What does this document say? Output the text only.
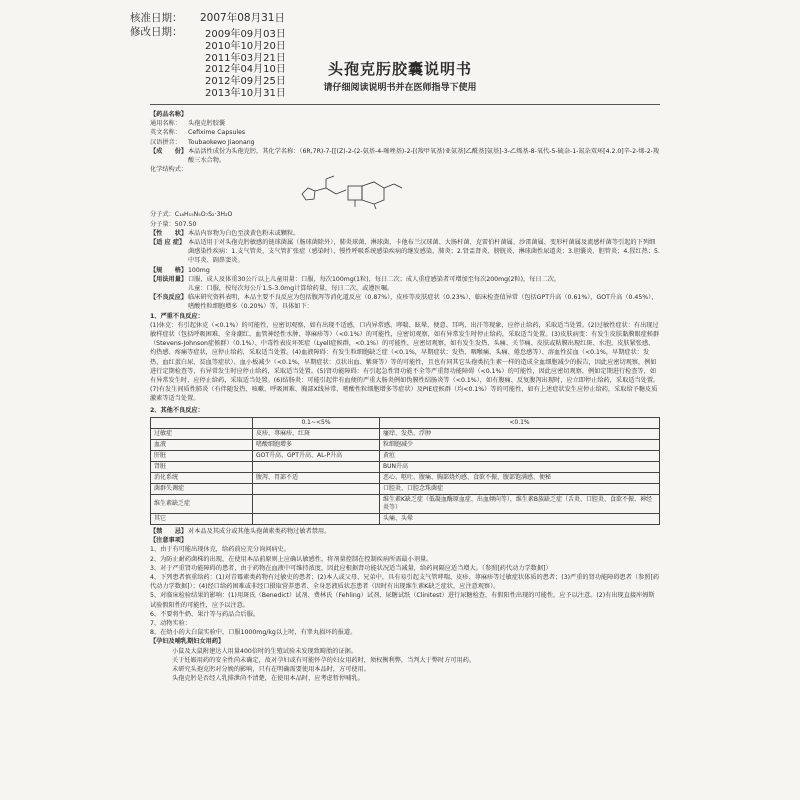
核准日期： 2007年08月31日
修改日期：	2009年09月03日
2010年10月20日
2011年03月21日
2012年04月10日
2012年09月25日
2013年10月31日
头孢克肟胶囊说明书
请仔细阅读说明书并在医师指导下使用
【药品名称】
通用名称：	头孢克肟胶囊
英文名称：	Cefixime Capsules
汉语拼音：	Toubaokewo Jiaonang
【成　　份】 本品活性成份为头孢克肟，其化学名称：（6R,7R)-7-[[(Z)-2-(2-氨基-4-噻唑基)-2-[(羧甲氧基)亚氨基]乙酰基]氨基]-3-乙烯基-8-氧代-5-硫杂-1-氮杂双环[4.2.0]辛-2-烯-2-羧酸三水合物。
化学结构式：
分子式：C₁₆H₁₅N₅O₇S₂·3H₂O
分子量：507.50
【性　　状】 本品内容物为白色至淡黄色粉末或颗粒。
【适 应 症】 本品适用于对头孢克肟敏感的链球菌属（肠球菌除外），肺炎球菌、淋球菌、卡他布兰汉球菌、大肠杆菌、克雷伯杆菌属、沙雷菌属、变形杆菌属及流感杆菌等引起的下列细菌感染性疾病：1.支气管炎、支气管扩张症（感染时）、慢性呼吸系统感染疾病的继发感染、肺炎；2.肾盂肾炎、膀胱炎、淋球菌性尿道炎；3.胆囊炎、胆管炎；4.猩红热；5.中耳炎、副鼻窦炎。
【规　　格】 100mg
【用法用量】 口服，成人及体重30公斤以上儿童用量：口服，每次100mg(1粒)，每日二次；成人重症感染者可增加至每次200mg(2粒)，每日二次。
儿童：口服，按每次每公斤1.5-3.0mg计算给药量，每日二次，或遵医嘱。
【不良反应】 临床研究资料表明，本品主要不良反应为包括腹泻等消化道反应（0.87%），皮疹等皮肤症状（0.23%），临床检查值异常（包括GPT升高（0.61%），GOT升高（0.45%），嗜酸性粒细胞增多（0.20%）等，具体如下：
1、严重不良反应：
(1)休克：有引起休克（<0.1%）的可能性，应密切观察，如有出现不适感，口内异常感、哮喘、眩晕、便意、耳鸣、出汗等现象，应停止给药，采取适当处置。(2)过敏性症状：有出现过敏样症状（包括呼吸困难、全身潮红、血管神经性水肿、荨麻疹等）（<0.1%）的可能性，应密切观察，如有异常发生时停止给药，采取适当处置。(3)皮肤病变：有发生皮肤黏膜眼症候群（Stevens-Johnson症候群）（0.1%）、中毒性表皮坏死症（Lyell症候群，<0.1%）的可能性，应密切观察，如有发生发热、头痛、关节痛、皮肤或粘膜出现红斑、水泡、皮肤紧张感、灼热感、疼痛等症状，应停止给药，采取适当处置。(4)血液障碍：有发生粒细胞缺乏症（<0.1%，早期症状：发热、咽喉痛、头痛、倦怠感等）、溶血性贫血（<0.1%，早期症状：发热、血红蛋白尿、贫血等症状）、血小板减少（<0.1%，早期症状：点状出血、紫斑等）等的可能性，且也有同其它头孢类抗生素一样的造成全血细胞减少的报告，因此应密切观察，例如进行定期检查等，有异常发生时应停止给药，采取适当处置。(5)肾功能障碍：有引起急性肾功能不全等严重肾功能障碍（<0.1%）的可能性，因此应密切观察，例如定期进行检查等，如有异常发生时，应停止给药，采取适当处置。(6)结肠炎：可能引起伴有血便的严重大肠炎例如伪膜性结肠炎等（<0.1%），如有腹痛、反复腹泻出现时，应立即停止给药，采取适当处置。(7)有发生间质性肺炎（有伴随发热、咳嗽、呼吸困难、胸部X线异常、嗜酸性粒细胞增多等症状）及PIE症候群（均<0.1%）等的可能性，如有上述症状发生应停止给药，采取给予糖皮质激素等适当处置。
2、其他不良反应：
	0.1~<5%	<0.1%
过敏症	皮疹、荨麻疹、红斑	瘙痒、发热、浮肿
血液	嗜酸细胞增多	粒细胞减少
肝脏	GOT升高、GPT升高、AL-P升高	黄疸
肾脏		BUN升高
消化系统	腹泻、胃部不适	恶心、呕吐、腹痛、胸部烧灼感、食欲不振、腹部饱满感、便秘
菌群失调症		口腔炎、口腔念珠菌症
维生素缺乏症		维生素K缺乏症（低凝血酶原血症、出血倾向等），维生素B族缺乏症（舌炎、口腔炎、食欲不振、神经炎等）
其它		头痛、头晕
【禁　　忌】 对本品及其成分或其他头孢菌素类药物过敏者禁用。
【注意事项】
1、由于有可能出现休克，给药前应充分询问病史。
2、为防止耐药菌株的出现，在使用本品前原则上应确认敏感性，将剂量控制在控制疾病所需最小剂量。
3、对于严重肾功能障碍的患者，由于药物在血液中可维持浓度，因此应根据肾功能状况适当减量，给药间隔应适当增大。（参照[药代动力学数据]）
4、下列患者慎重给药：(1)对青霉素类药物有过敏史的患者；(2)本人或父母、兄弟中，具有易引起支气管哮喘、皮疹、荨麻疹等过敏症状体质的患者；(3)严重的肾功能障碍患者（参照[药代动力学数据]）；(4)经口给药困难或非经口摄取营养患者、全身恶液质状态患者（因时有出现维生素K缺乏症状，应注意观察）。
5、对临床检验结果的影响：(1)用斑氏（Benedict）试剂、费林氏（Fehling）试剂、尿糖试纸（Clinitest）进行尿糖检查，有假阳性出现的可能性，应予以注意。(2)有出现直接库姆斯试验假阳性的可能性，应予以注意。
6、不要将牛奶、果汁等与药品合后服。
7、动物实验：
8、在幼小的大白鼠实验中，口服1000mg/kg以上时，有睾丸损坏的报道。
【孕妇及哺乳期妇女用药】
小鼠及大鼠附建达人用量400倍时的生殖试验未发现致畸胎的证据。
关于妊娠用药的安全性尚未确定，故对孕妇或有可能怀孕的妇女用药时，须权衡利弊，当判大于弊时方可用药。
未研究头孢克肟对分娩的影响，只有在明确需要使用本品时，方可使用。
头孢克肟是否经人乳排泄尚不清楚，在使用本品时，应考虑暂停哺乳。
